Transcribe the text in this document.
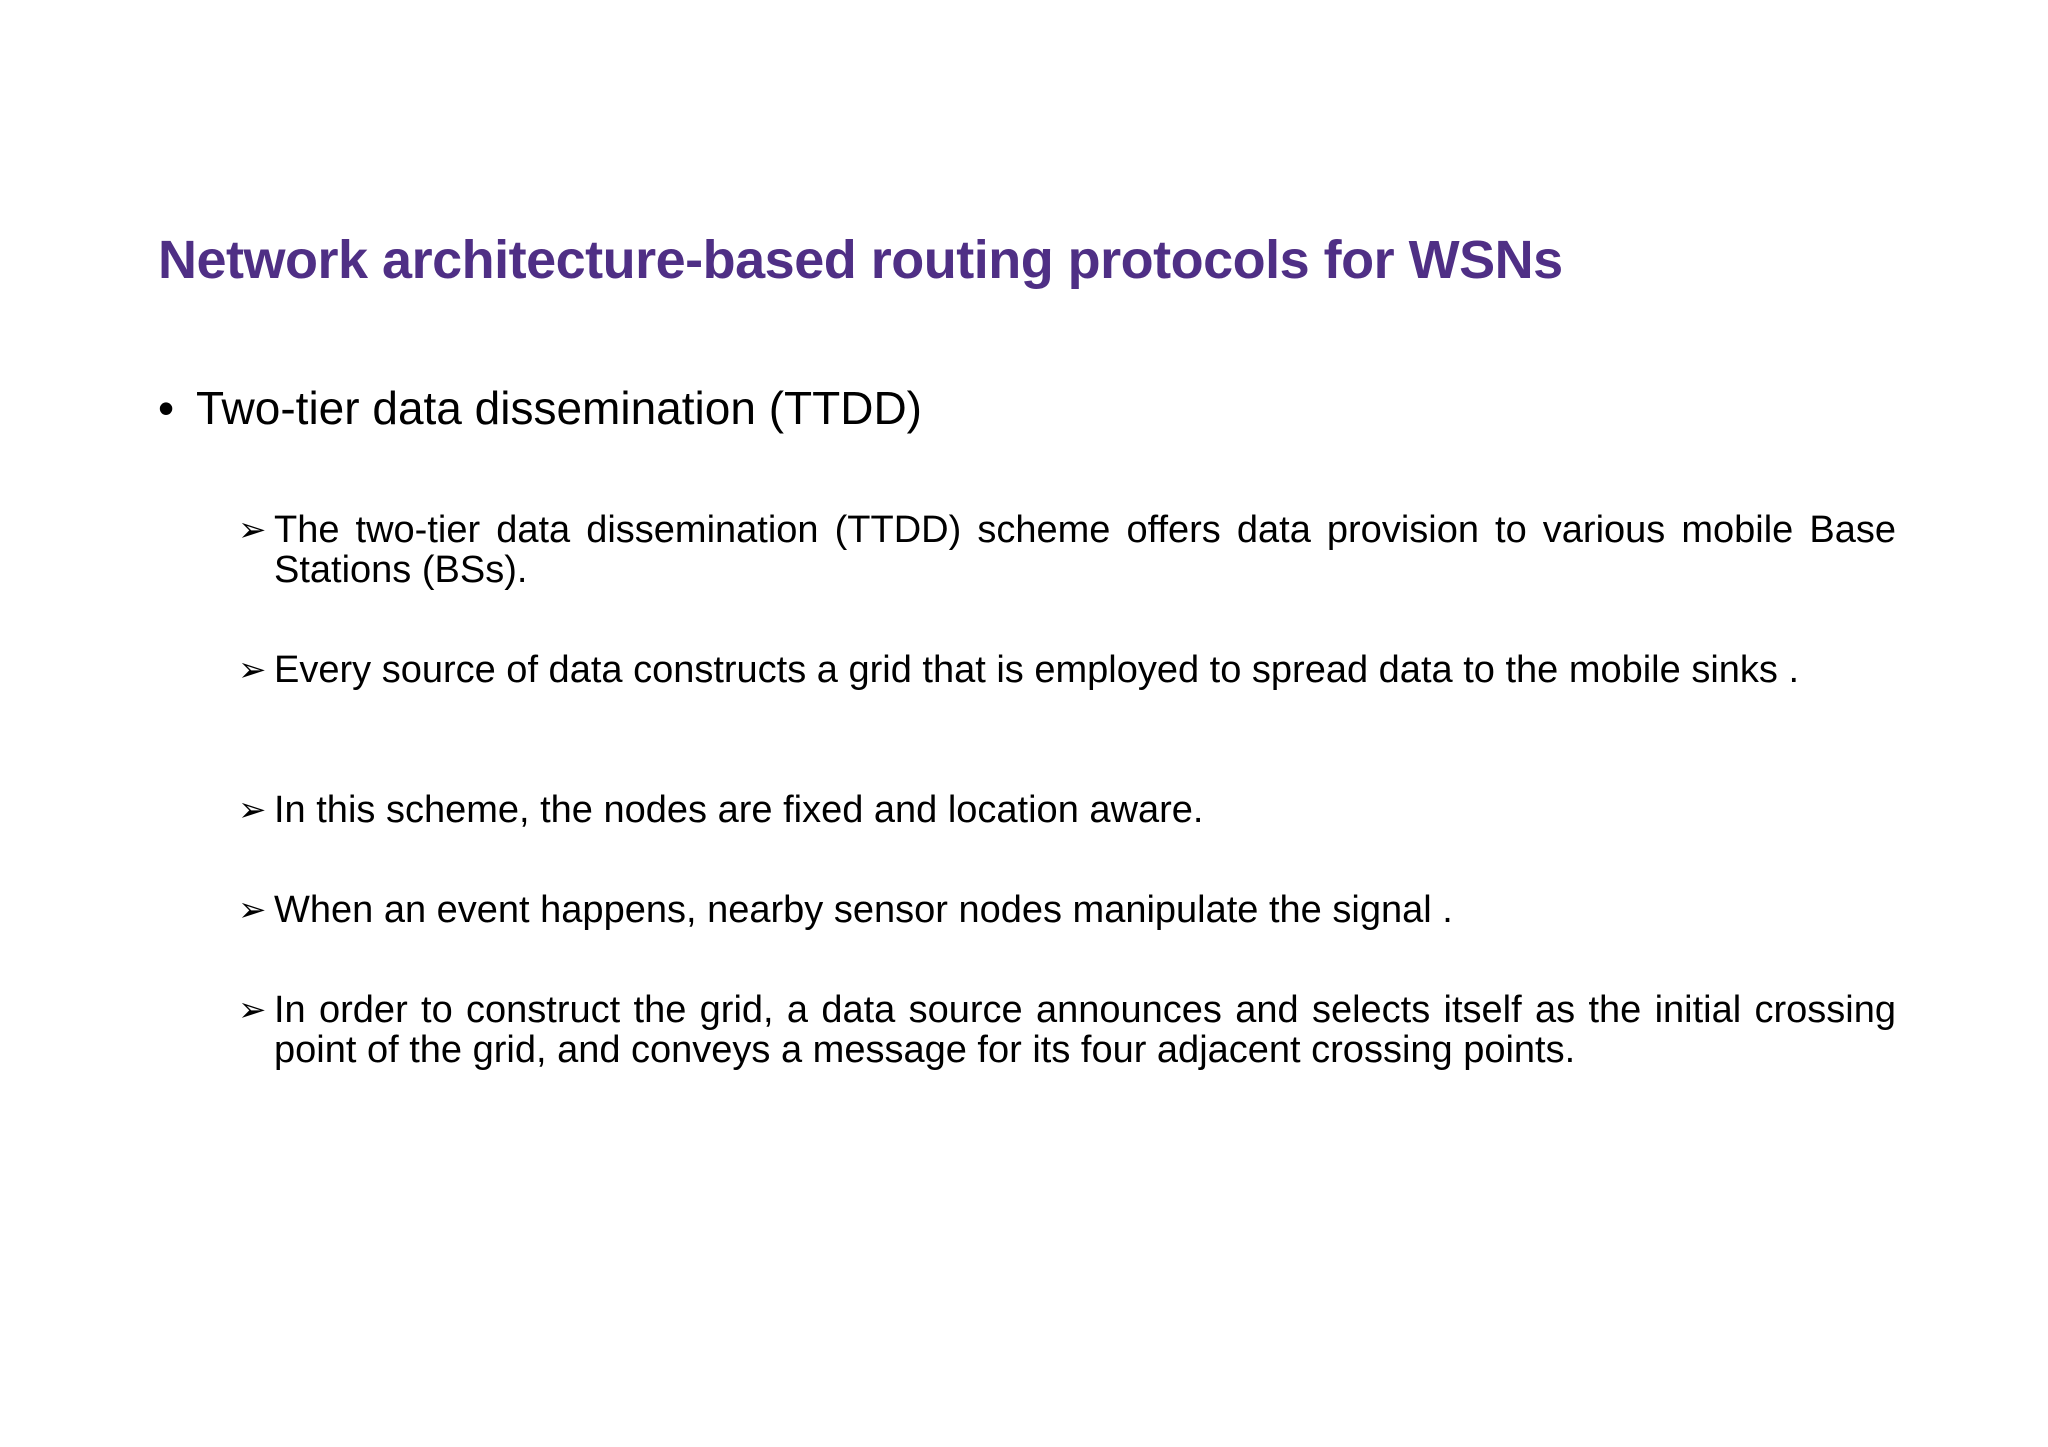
Network architecture-based routing protocols for WSNs
• Two-tier data dissemination (TTDD)
➢ The two-tier data dissemination (TTDD) scheme offers data provision to various mobile Base Stations (BSs).
➢ Every source of data constructs a grid that is employed to spread data to the mobile sinks .
➢ In this scheme, the nodes are fixed and location aware.
➢ When an event happens, nearby sensor nodes manipulate the signal .
➢ In order to construct the grid, a data source announces and selects itself as the initial crossing point of the grid, and conveys a message for its four adjacent crossing points.
